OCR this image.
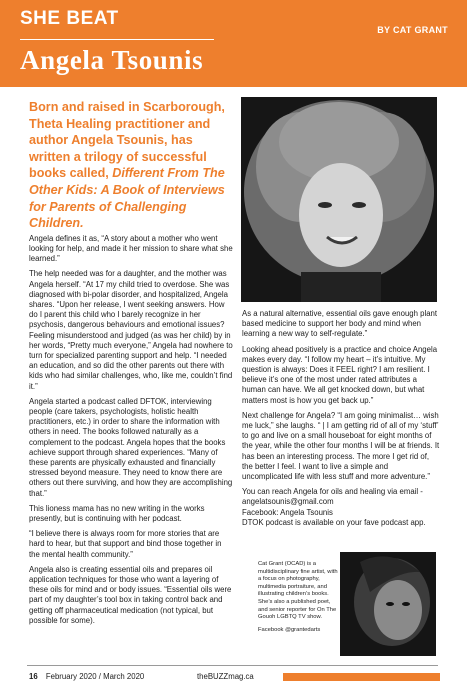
SHE BEAT
BY CAT GRANT
Angela Tsounis

Born and raised in Scarborough, Theta Healing practitioner and author Angela Tsounis, has written a trilogy of successful books called, Different From The Other Kids: A Book of Interviews for Parents of Challenging Children.

Angela defines it as, “A story about a mother who went looking for help, and made it her mission to share what she learned.”

The help needed was for a daughter, and the mother was Angela herself. “At 17 my child tried to overdose. She was diagnosed with bi-polar disorder, and hospitalized, Angela shares. “Upon her release, I went seeking answers. How do I parent this child who I barely recognize in her psychosis, dangerous behaviours and emotional issues? Feeling misunderstood and judged (as was her child) by in her words, “Pretty much everyone,” Angela had nowhere to turn for specialized parenting support and help. “I needed an education, and so did the other parents out there with kids who had similar challenges, who, like me, couldn’t find it.”

Angela started a podcast called DFTOK, interviewing people (care takers, psychologists, holistic health practitioners, etc.) in order to share the information with others in need. The books followed naturally as a complement to the podcast. Angela hopes that the books achieve support through shared experiences. “Many of these parents are physically exhausted and financially stressed beyond measure. They need to know there are others out there surviving, and how they are accomplishing that.”

This lioness mama has no new writing in the works presently, but is continuing with her podcast.

“I believe there is always room for more stories that are hard to hear, but that support and bind those together in the mental health community.”

Angela also is creating essential oils and prepares oil application techniques for those who want a layering of these oils for mind and or body issues. “Essential oils were part of my daughter’s tool box in taking control back and getting off pharmaceutical medication (not typical, but possible for some).

As a natural alternative, essential oils gave enough plant based medicine to support her body and mind when learning a new way to self-regulate.”

Looking ahead positively is a practice and choice Angela makes every day. “I follow my heart – it’s intuitive. My question is always: Does it FEEL right? I am resilient. I believe it’s one of the most under rated attributes a human can have. We all get knocked down, but what matters most is how you get back up.”

Next challenge for Angela? “I am going minimalist… wish me luck,” she laughs. “ | I am getting rid of all of my ‘stuff’ to go and live on a small houseboat for eight months of the year, while the other four months I will be at friends. It has been an interesting process. The more I get rid of, the better I feel. I want to live a simple and uncomplicated life with less stuff and more adventure.”

You can reach Angela for oils and healing via email - angelatsounis@gmail.com
Facebook: Angela Tsounis
DTOK podcast is available on your fave podcast app.

Cat Grant (OCAD) is a multidisciplinary fine artist, with a focus on photography, multimedia portraiture, and illustrating children’s books. She’s also a published poet, and senior reporter for On The Gouoh LGBTQ TV show.

Facebook @grantedarts

16 February 2020 / March 2020	theBUZZmag.ca
